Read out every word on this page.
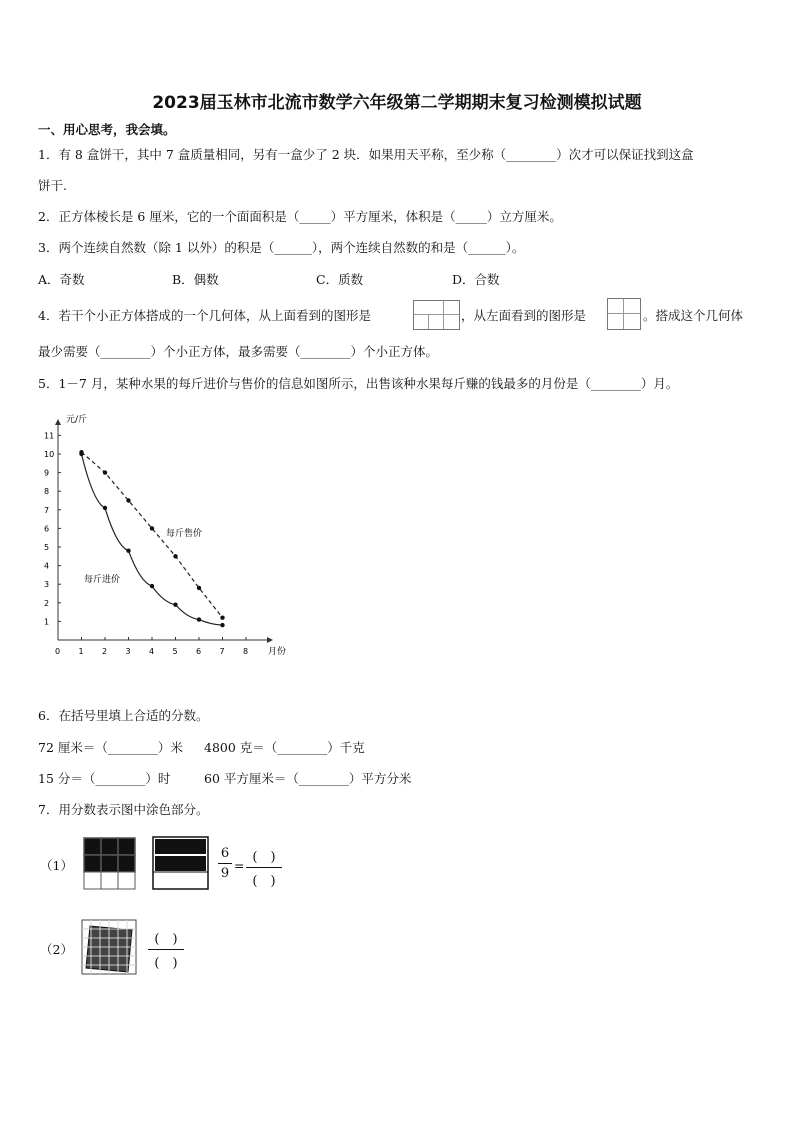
2023届玉林市北流市数学六年级第二学期期末复习检测模拟试题
一、用心思考，我会填。
1．有 8 盒饼干，其中 7 盒质量相同，另有一盒少了 2 块．如果用天平称，至少称（________）次才可以保证找到这盒
饼干.
2．正方体棱长是 6 厘米，它的一个面面积是（_____）平方厘米，体积是（_____）立方厘米。
3．两个连续自然数（除 1 以外）的积是（______），两个连续自然数的和是（______）。
A．奇数	B．偶数	C．质数	D．合数
4．若干个小正方体搭成的一个几何体，从上面看到的图形是	，从左面看到的图形是	。搭成这个几何体
最少需要（________）个小正方体，最多需要（________）个小正方体。
5．1－7 月，某种水果的每斤进价与售价的信息如图所示，出售该种水果每斤赚的钱最多的月份是（________）月。
元/斤
月份
0 1 2 3 4 5 6 7 8
1
2
3
4
5
6
7
8
9
10
11
每斤售价
每斤进价
6．在括号里填上合适的分数。
72 厘米＝（________）米 4800 克＝（________）千克
15 分＝（________）时	60 平方厘米＝（________）平方分米
7．用分数表示图中涂色部分。
（1）
6
9
=
(　)
(　)
（2）
(　)
(　)
